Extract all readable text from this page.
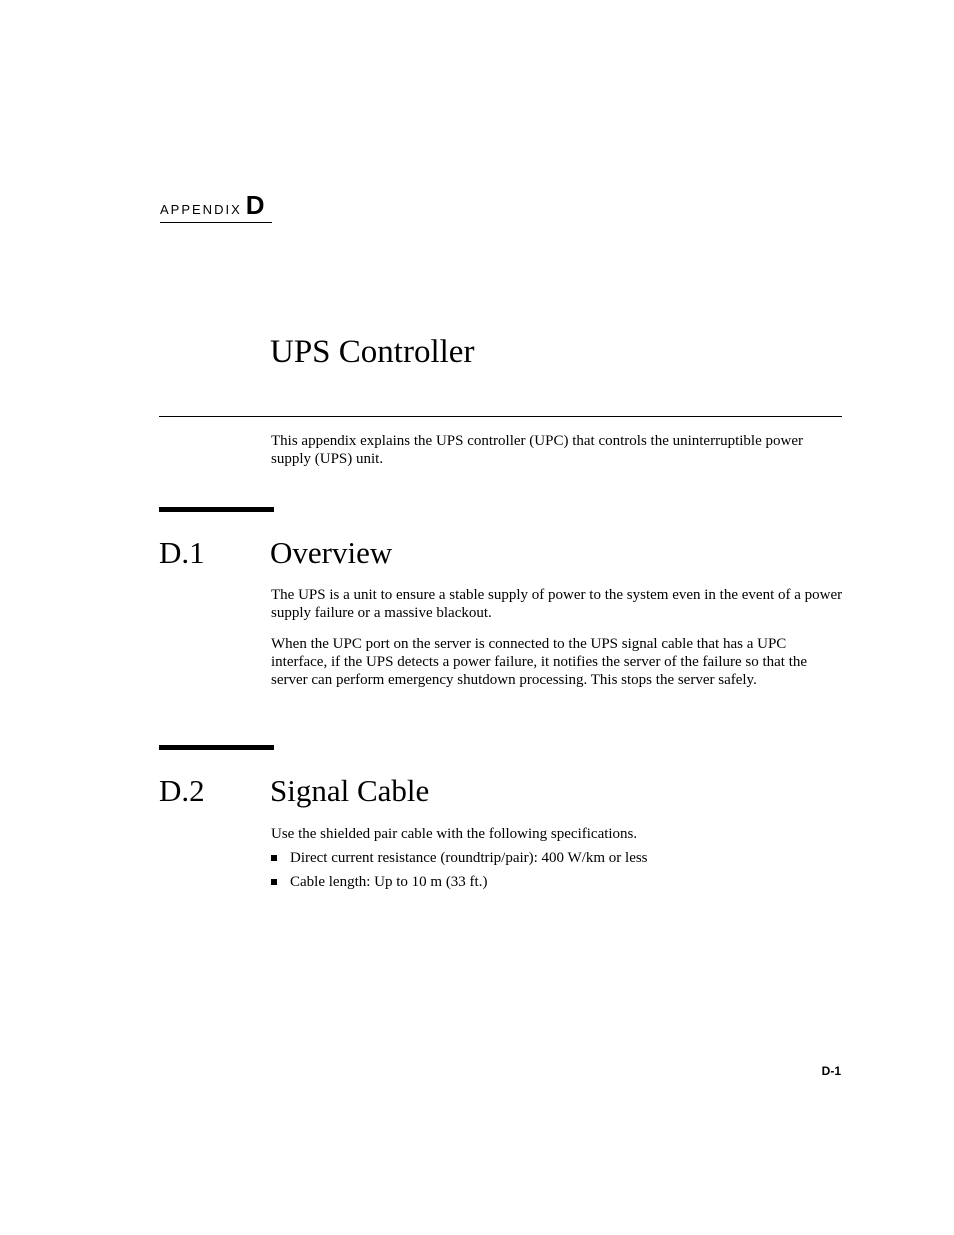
APPENDIX D
UPS Controller

This appendix explains the UPS controller (UPC) that controls the uninterruptible power supply (UPS) unit.

D.1 Overview

The UPS is a unit to ensure a stable supply of power to the system even in the event of a power supply failure or a massive blackout.

When the UPC port on the server is connected to the UPS signal cable that has a UPC interface, if the UPS detects a power failure, it notifies the server of the failure so that the server can perform emergency shutdown processing. This stops the server safely.

D.2 Signal Cable

Use the shielded pair cable with the following specifications.

Direct current resistance (roundtrip/pair): 400 W/km or less
Cable length: Up to 10 m (33 ft.)
D-1
